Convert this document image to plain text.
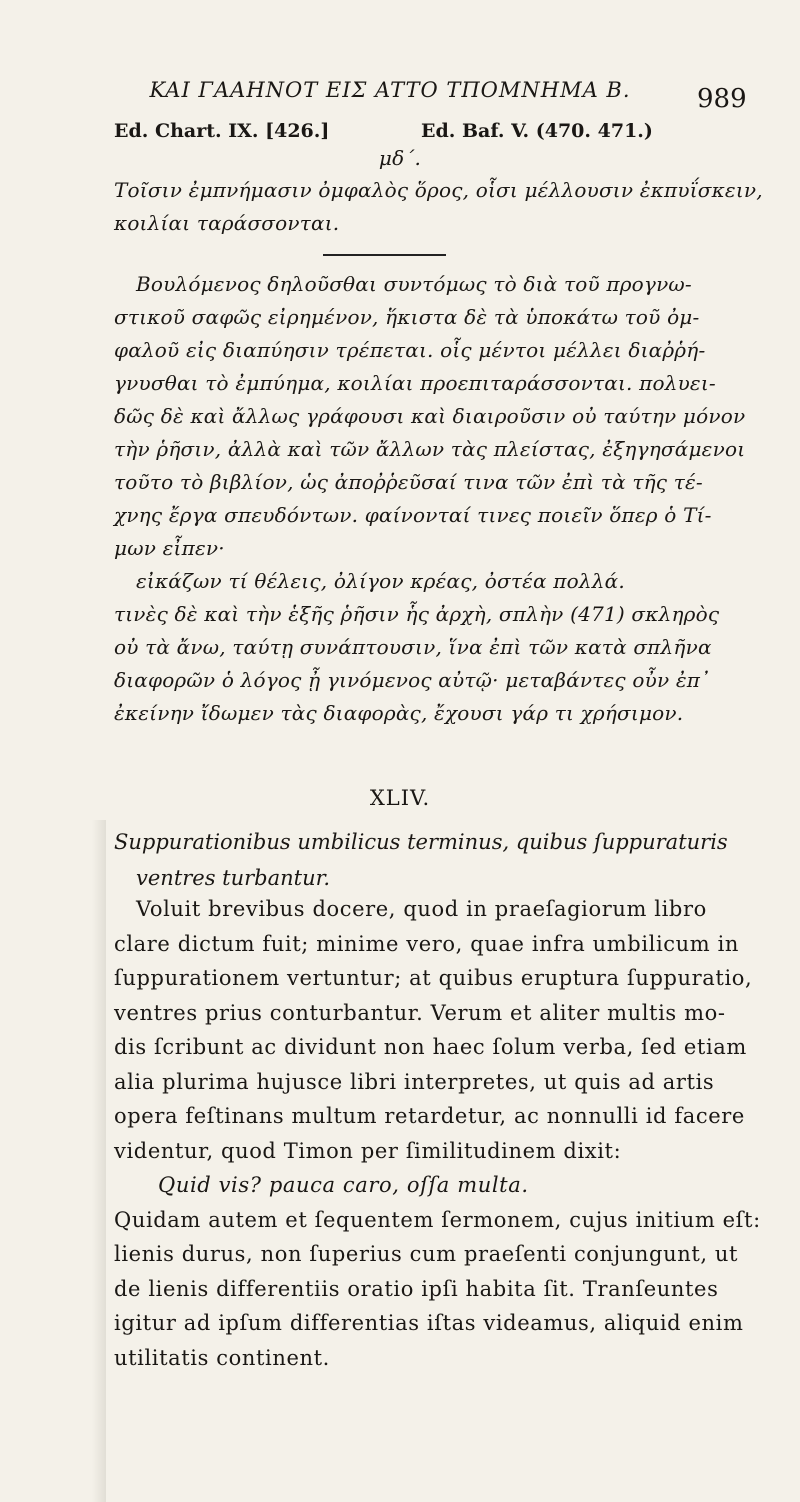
KAI ΓAAHNOT EIΣ ATTO TΠOMNHMA B.	989
Ed. Chart. IX. [426.]	Ed. Baf. V. (470. 471.)
μδ΄.
Τοῖσιν ἐμπνήμασιν ὀμφαλὸς ὅρος, οἷσι μέλλουσιν ἐκπυΐσκειν,
κοιλίαι ταράσσονται.
Βουλόμενος δηλοῦσθαι συντόμως τὸ διὰ τοῦ προγνω-
στικοῦ σαφῶς εἰρημένον, ἥκιστα δὲ τὰ ὑποκάτω τοῦ ὀμ-
φαλοῦ εἰς διαπύησιν τρέπεται. οἷς μέντοι μέλλει διαῤῥή-
γνυσθαι τὸ ἐμπύημα, κοιλίαι προεπιταράσσονται. πολυει-
δῶς δὲ καὶ ἄλλως γράφουσι καὶ διαιροῦσιν οὐ ταύτην μόνον
τὴν ῥῆσιν, ἀλλὰ καὶ τῶν ἄλλων τὰς πλείστας, ἐξηγησάμενοι
τοῦτο τὸ βιβλίον, ὡς ἀποῤῥεῦσαί τινα τῶν ἐπὶ τὰ τῆς τέ-
χνης ἔργα σπευδόντων. φαίνονταί τινες ποιεῖν ὅπερ ὁ Τί-
μων εἶπεν·
εἰκάζων τί θέλεις, ὀλίγον κρέας, ὀστέα πολλά.
τινὲς δὲ καὶ τὴν ἑξῆς ῥῆσιν ἧς ἀρχὴ, σπλὴν (471) σκληρὸς
οὐ τὰ ἄνω, ταύτῃ συνάπτουσιν, ἵνα ἐπὶ τῶν κατὰ σπλῆνα
διαφορῶν ὁ λόγος ᾖ γινόμενος αὐτῷ· μεταβάντες οὖν ἐπ᾽
ἐκείνην ἴδωμεν τὰς διαφορὰς, ἔχουσι γάρ τι χρήσιμον.
XLIV.
Suppurationibus umbilicus terminus, quibus ſuppuraturis
ventres turbantur.
Voluit brevibus docere, quod in praeſagiorum libro
clare dictum fuit; minime vero, quae infra umbilicum in
ſuppurationem vertuntur; at quibus eruptura ſuppuratio,
ventres prius conturbantur. Verum et aliter multis mo-
dis ſcribunt ac dividunt non haec ſolum verba, ſed etiam
alia plurima hujusce libri interpretes, ut quis ad artis
opera feſtinans multum retardetur, ac nonnulli id facere
videntur, quod Timon per ſimilitudinem dixit:
Quid vis? pauca caro, oſſa multa.
Quidam autem et ſequentem ſermonem, cujus initium eſt:
lienis durus, non ſuperius cum praeſenti conjungunt, ut
de lienis differentiis oratio ipſi habita ſit. Tranſeuntes
igitur ad ipſum differentias iſtas videamus, aliquid enim
utilitatis continent.
